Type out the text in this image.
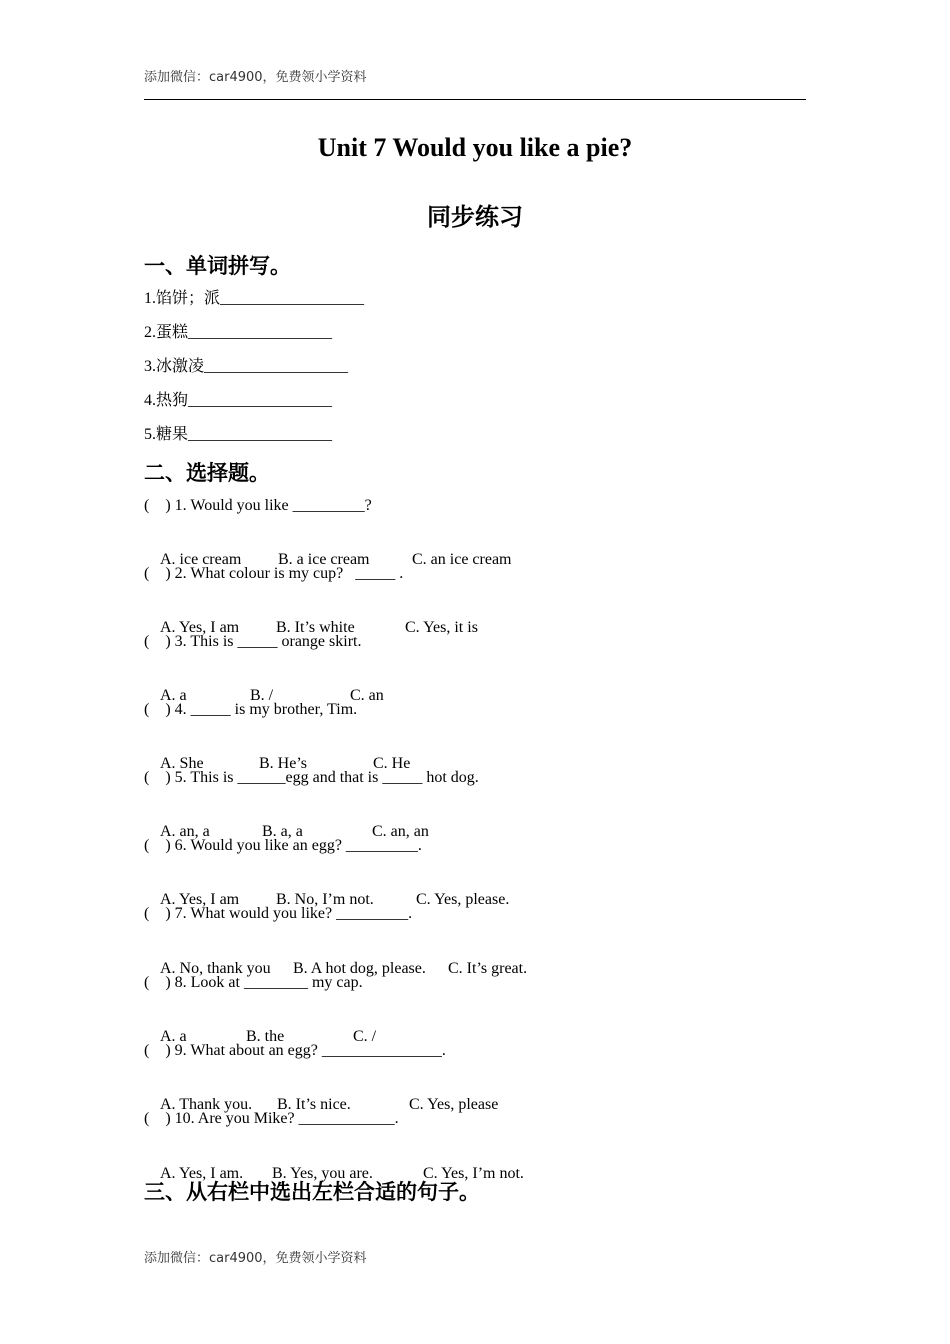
添加微信：car4900，免费领小学资料
Unit 7 Would you like a pie?
同步练习
一、单词拼写。
1.馅饼；派__________________
2.蛋糕__________________
3.冰激凌__________________
4.热狗__________________
5.糖果__________________
二、选择题。
(    ) 1. Would you like _________?

A. ice cream B. a ice cream	C. an ice cream

(    ) 2. What colour is my cup?   _____ .

A. Yes, I am B. It’s white	C. Yes, it is

(    ) 3. This is _____ orange skirt.

A. a	B. /	C. an

(    ) 4. _____ is my brother, Tim.

A. She	B. He’s	C. He

(    ) 5. This is ______egg and that is _____ hot dog.

A. an, a	B. a, a	C. an, an

(    ) 6. Would you like an egg? _________.

A. Yes, I am B. No, I’m not.	C. Yes, please.

(    ) 7. What would you like? _________.

A. No, thank you B. A hot dog, please. C. It’s great.

(    ) 8. Look at ________ my cap.

A. a	B. the	C. /

(    ) 9. What about an egg? _______________.

A. Thank you. B. It’s nice.	C. Yes, please

(    ) 10. Are you Mike? ____________.

A. Yes, I am. B. Yes, you are.	C. Yes, I’m not.

三、从右栏中选出左栏合适的句子。
添加微信：car4900，免费领小学资料
